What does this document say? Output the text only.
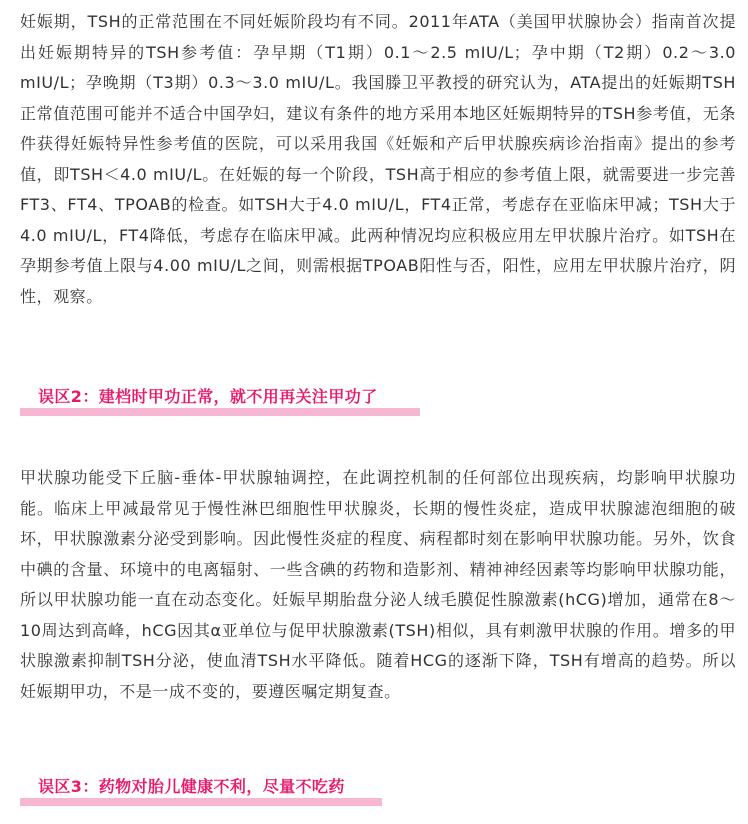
妊娠期，TSH的正常范围在不同妊娠阶段均有不同。2011年ATA（美国甲状腺协会）指南首次提出妊娠期特异的TSH参考值：孕早期（T1期）0.1～2.5 mIU/L；孕中期（T2期）0.2～3.0 mIU/L；孕晚期（T3期）0.3～3.0 mIU/L。我国滕卫平教授的研究认为，ATA提出的妊娠期TSH正常值范围可能并不适合中国孕妇，建议有条件的地方采用本地区妊娠期特异的TSH参考值，无条件获得妊娠特异性参考值的医院，可以采用我国《妊娠和产后甲状腺疾病诊治指南》提出的参考值，即TSH＜4.0 mIU/L。在妊娠的每一个阶段，TSH高于相应的参考值上限，就需要进一步完善FT3、FT4、TPOAB的检查。如TSH大于4.0 mIU/L，FT4正常，考虑存在亚临床甲减；TSH大于4.0 mIU/L，FT4降低，考虑存在临床甲减。此两种情况均应积极应用左甲状腺片治疗。如TSH在孕期参考值上限与4.00 mIU/L之间，则需根据TPOAB阳性与否，阳性，应用左甲状腺片治疗，阴性，观察。

误区2：建档时甲功正常，就不用再关注甲功了

甲状腺功能受下丘脑-垂体-甲状腺轴调控，在此调控机制的任何部位出现疾病，均影响甲状腺功能。临床上甲减最常见于慢性淋巴细胞性甲状腺炎，长期的慢性炎症，造成甲状腺滤泡细胞的破坏，甲状腺激素分泌受到影响。因此慢性炎症的程度、病程都时刻在影响甲状腺功能。另外，饮食中碘的含量、环境中的电离辐射、一些含碘的药物和造影剂、精神神经因素等均影响甲状腺功能，所以甲状腺功能一直在动态变化。妊娠早期胎盘分泌人绒毛膜促性腺激素(hCG)增加，通常在8～10周达到高峰，hCG因其α亚单位与促甲状腺激素(TSH)相似，具有刺激甲状腺的作用。增多的甲状腺激素抑制TSH分泌，使血清TSH水平降低。随着HCG的逐渐下降，TSH有增高的趋势。所以妊娠期甲功，不是一成不变的，要遵医嘱定期复查。

误区3：药物对胎儿健康不利，尽量不吃药
